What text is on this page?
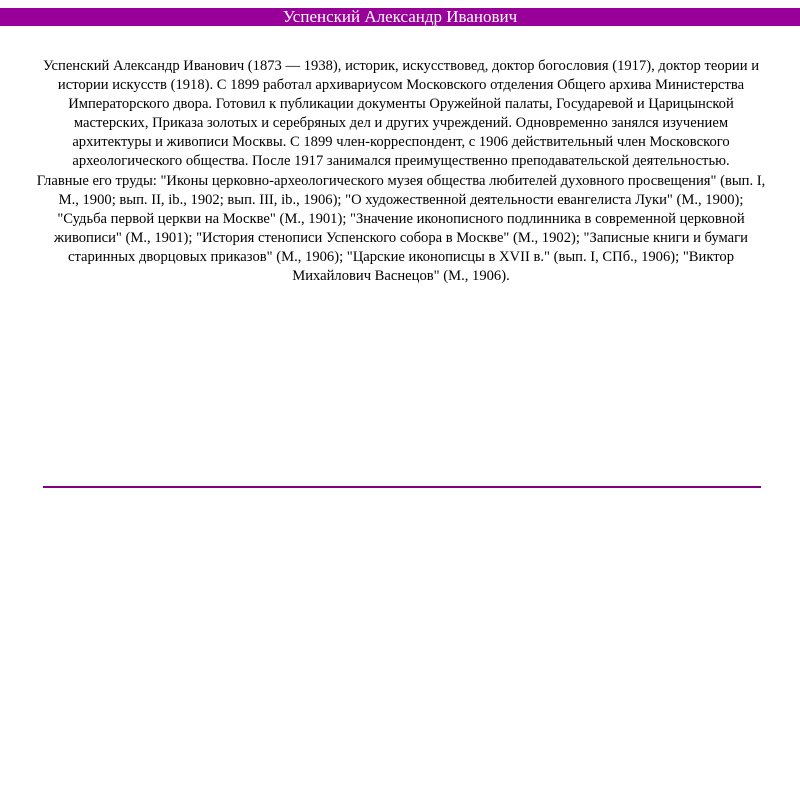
Успенский Александр Иванович

Успенский Александр Иванович (1873 — 1938), историк, искусствовед, доктор богословия (1917), доктор теории и истории искусств (1918). С 1899 работал архивариусом Московского отделения Общего архива Министерства Императорского двора. Готовил к публикации документы Оружейной палаты, Государевой и Царицынской мастерских, Приказа золотых и серебряных дел и других учреждений. Одновременно занялся изучением архитектуры и живописи Москвы. С 1899 член-корреспондент, с 1906 действительный член Московского археологического общества. После 1917 занимался преимущественно преподавательской деятельностью.

Главные его труды: "Иконы церковно-археологического музея общества любителей духовного просвещения" (вып. I, М., 1900; вып. II, ib., 1902; вып. III, ib., 1906); "О художественной деятельности евангелиста Луки" (М., 1900); "Судьба первой церкви на Москве" (М., 1901); "Значение иконописного подлинника в современной церковной живописи" (М., 1901); "История стенописи Успенского собора в Москве" (М., 1902); "Записные книги и бумаги старинных дворцовых приказов" (М., 1906); "Царские иконописцы в XVII в." (вып. I, СПб., 1906); "Виктор Михайлович Васнецов" (М., 1906).
